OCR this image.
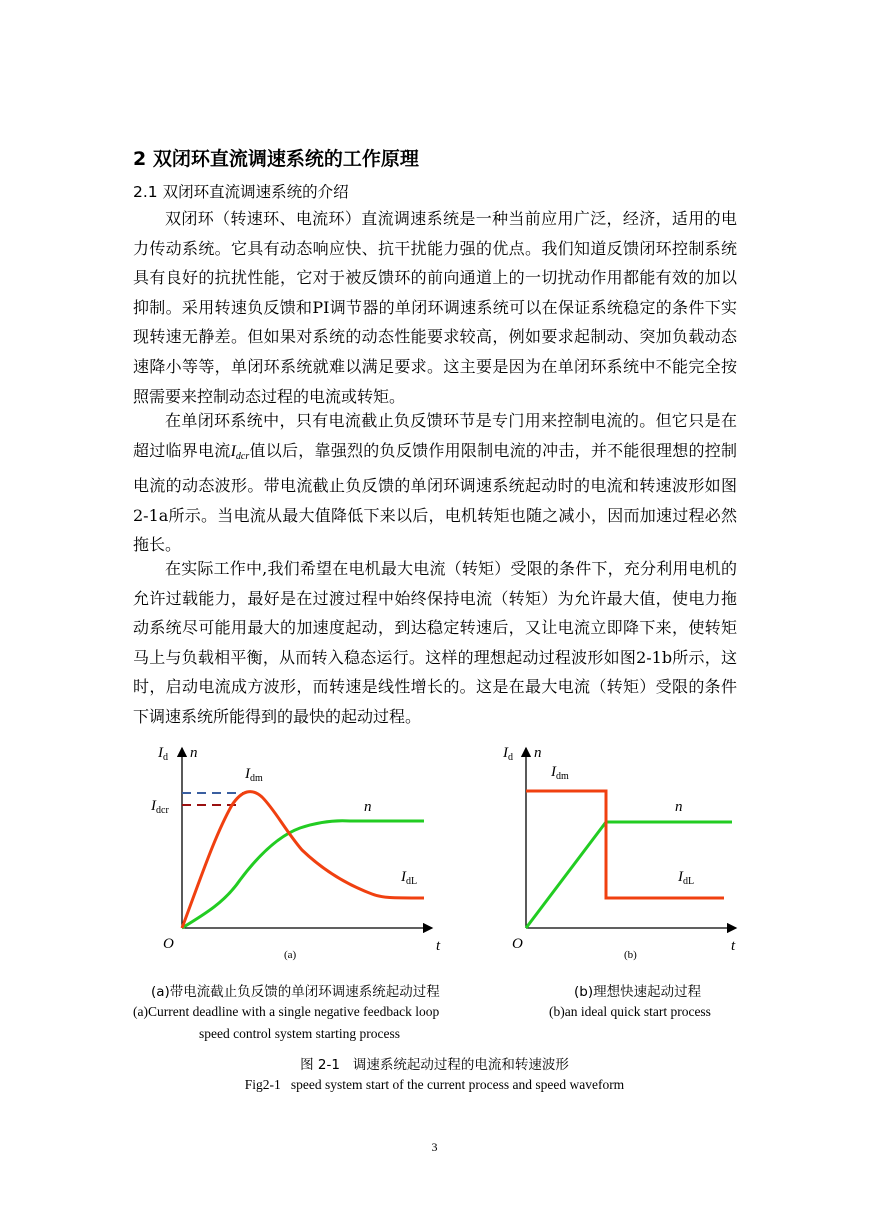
2 双闭环直流调速系统的工作原理
2.1 双闭环直流调速系统的介绍

双闭环（转速环、电流环）直流调速系统是一种当前应用广泛，经济，适用的电力传动系统。它具有动态响应快、抗干扰能力强的优点。我们知道反馈闭环控制系统具有良好的抗扰性能，它对于被反馈环的前向通道上的一切扰动作用都能有效的加以抑制。采用转速负反馈和PI调节器的单闭环调速系统可以在保证系统稳定的条件下实现转速无静差。但如果对系统的动态性能要求较高，例如要求起制动、突加负载动态速降小等等，单闭环系统就难以满足要求。这主要是因为在单闭环系统中不能完全按照需要来控制动态过程的电流或转矩。

在单闭环系统中，只有电流截止负反馈环节是专门用来控制电流的。但它只是在超过临界电流Idcr值以后，靠强烈的负反馈作用限制电流的冲击，并不能很理想的控制电流的动态波形。带电流截止负反馈的单闭环调速系统起动时的电流和转速波形如图2-1a所示。当电流从最大值降低下来以后，电机转矩也随之减小，因而加速过程必然拖长。

在实际工作中,我们希望在电机最大电流（转矩）受限的条件下，充分利用电机的允许过载能力，最好是在过渡过程中始终保持电流（转矩）为允许最大值，使电力拖动系统尽可能用最大的加速度起动，到达稳定转速后，又让电流立即降下来，使转矩马上与负载相平衡，从而转入稳态运行。这样的理想起动过程波形如图2-1b所示，这时，启动电流成方波形，而转速是线性增长的。这是在最大电流（转矩）受限的条件下调速系统所能得到的最快的起动过程。

Id n
Idm
Idcr	n
IdL
O	t
(a)
Id n
Idm
n
IdL
O	t
(b)
(a)带电流截止负反馈的单闭环调速系统起动过程
(a)Current deadline with a single negative feedback loop
speed control system starting process
(b)理想快速起动过程
(b)an ideal quick start process
图 2-1   调速系统起动过程的电流和转速波形
Fig2-1   speed system start of the current process and speed waveform
3
